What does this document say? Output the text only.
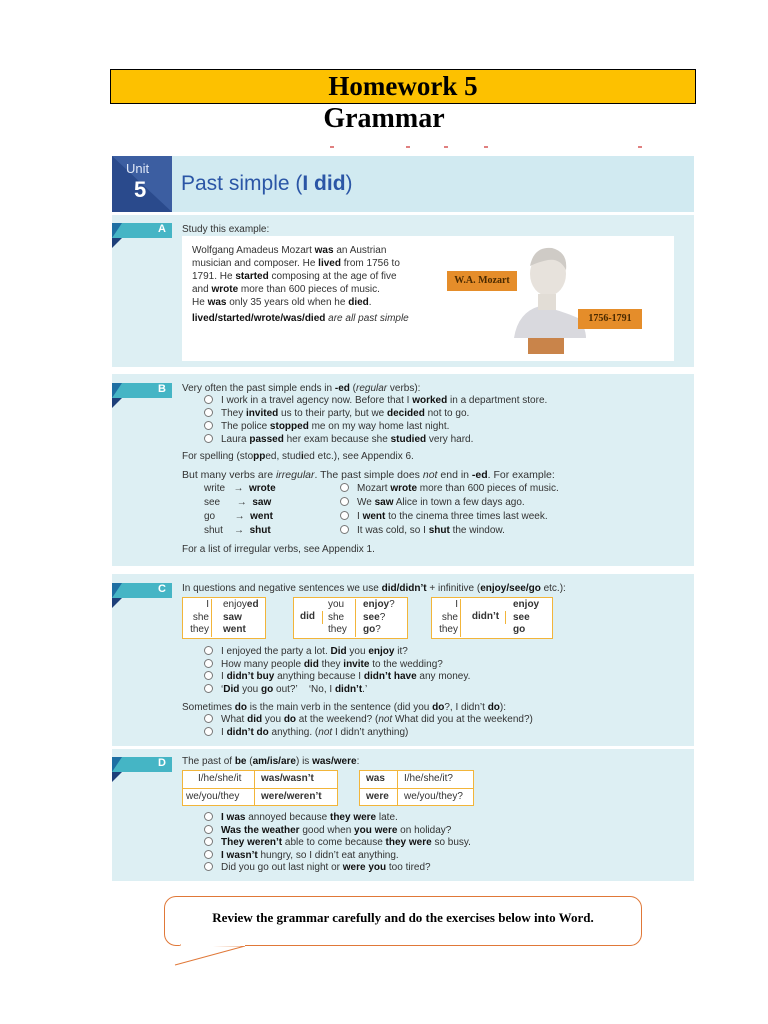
Homework 5
Grammar
Unit
5 Past simple (I did)
A Study this example:
Wolfgang Amadeus Mozart was an Austrian
musician and composer. He lived from 1756 to
1791. He started composing at the age of five
and wrote more than 600 pieces of music.
He was only 35 years old when he died.
lived/started/wrote/was/died are all past simple
W.A. Mozart
1756-1791
B Very often the past simple ends in -ed (regular verbs):
I work in a travel agency now. Before that I worked in a department store.
They invited us to their party, but we decided not to go.
The police stopped me on my way home last night.
Laura passed her exam because she studied very hard.
For spelling (stopped, studied etc.), see Appendix 6.
But many verbs are irregular. The past simple does not end in -ed. For example:
write   →  wrote
see      →  saw
go       →  went
shut    →  shut
Mozart wrote more than 600 pieces of music.
We saw Alice in town a few days ago.
I went to the cinema three times last week.
It was cold, so I shut the window.
For a list of irregular verbs, see Appendix 1.
C In questions and negative sentences we use did/didn’t + infinitive (enjoy/see/go etc.):
I
she
they
enjoyed
saw
went
did
you
she
they
enjoy?
see?
go?
I
she
they
didn’t
enjoy
see
go
I enjoyed the party a lot. Did you enjoy it?
How many people did they invite to the wedding?
I didn’t buy anything because I didn’t have any money.
‘Did you go out?’    ‘No, I didn’t.’
Sometimes do is the main verb in the sentence (did you do?, I didn’t do):
What did you do at the weekend? (not What did you at the weekend?)
I didn’t do anything. (not I didn’t anything)
D The past of be (am/is/are) is was/were:
I/he/she/it was/wasn’t
we/you/they were/weren’t
was I/he/she/it?
were we/you/they?
I was annoyed because they were late.
Was the weather good when you were on holiday?
They weren’t able to come because they were so busy.
I wasn’t hungry, so I didn’t eat anything.
Did you go out last night or were you too tired?
Review the grammar carefully and do the exercises below into Word.
